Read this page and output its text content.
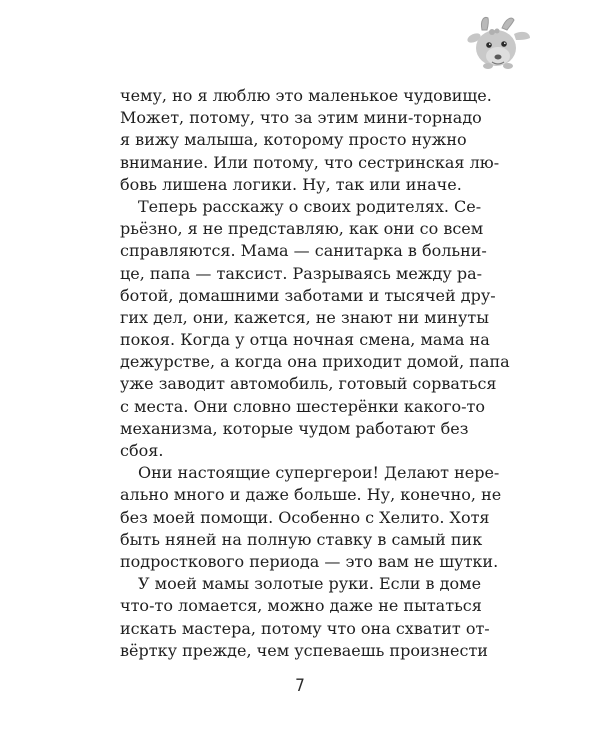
чему, но я люблю это маленькое чудовище.
Может, потому, что за этим мини-торнадо
я вижу малыша, которому просто нужно
внимание. Или потому, что сестринская лю-
бовь лишена логики. Ну, так или иначе.
Теперь расскажу о своих родителях. Се-
рьёзно, я не представляю, как они со всем
справляются. Мама — санитарка в больни-
це, папа — таксист. Разрываясь между ра-
ботой, домашними заботами и тысячей дру-
гих дел, они, кажется, не знают ни минуты
покоя. Когда у отца ночная смена, мама на
дежурстве, а когда она приходит домой, папа
уже заводит автомобиль, готовый сорваться
с места. Они словно шестерёнки какого-то
механизма, которые чудом работают без
сбоя.
Они настоящие супергерои! Делают нере-
ально много и даже больше. Ну, конечно, не
без моей помощи. Особенно с Хелито. Хотя
быть няней на полную ставку в самый пик
подросткового периода — это вам не шутки.
У моей мамы золотые руки. Если в доме
что-то ломается, можно даже не пытаться
искать мастера, потому что она схватит от-
вёртку прежде, чем успеваешь произнести
7
